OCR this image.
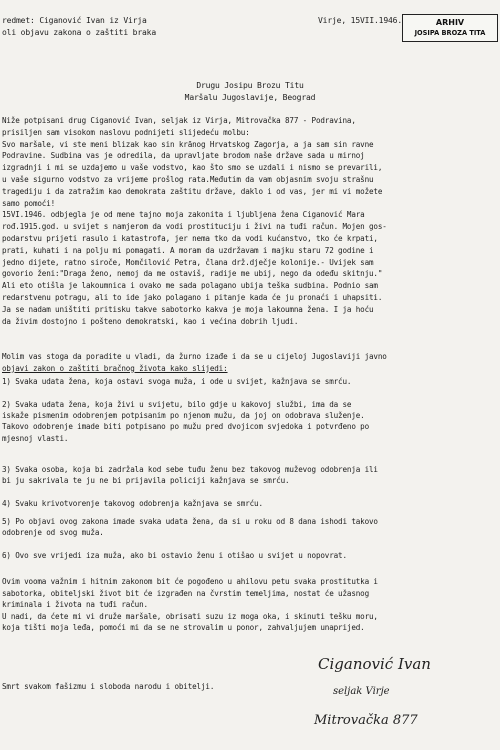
redmet: Ciganović Ivan iz Virja
oli objavu zakona o zaštiti braka
Virje, 15VII.1946.	ARHIV
JOSIPA BROZA TITA
Drugu Josipu Brozu Titu
Maršalu Jugoslavije, Beograd
Niže potpisani drug Ciganović Ivan, seljak iz Virja, Mitrovačka 877 - Podravina,
prisiljen sam visokom naslovu podnijeti slijedeću molbu:
Svo maršale, vi ste meni blizak kao sin krānog Hrvatskog Zagorja, a ja sam sin ravne
Podravine. Sudbina vas je odredila, da upravljate brodom naše države sada u mirnoj
izgradnji i mi se uzdajemo u vaše vodstvo, kao što smo se uzdali i nismo se prevarili,
u vaše sigurno vodstvo za vrijeme prošlog rata.Međutim da vam objasnim svoju strašnu
tragediju i da zatražim kao demokrata zaštitu države, daklo i od vas, jer mi vi možete
samo pomoći!
15VI.1946. odbjegla je od mene tajno moja zakonita i ljubljena žena Ciganović Mara
rođ.1915.god. u svijet s namjerom da vodi prostituciju i živi na tuđi račun. Mojen gos-
podarstvu prijeti rasulo i katastrofa, jer nema tko da vodi kućanstvo, tko će krpati,
prati, kuhati i na polju mi pomagati. A moram da uzdržavam i majku staru 72 godine i
jedno dijete, ratno siroče, Momčilović Petra, člana drž.dječje kolonije.- Uvijek sam
govorio ženi:"Draga ženo, nemoj da me ostaviš, radije me ubij, nego da odeđu skitnju."
Ali eto otišla je lakoumnica i ovako me sada polagano ubija teška sudbina. Podnio sam
redarstvenu potragu, ali to ide jako polagano i pitanje kada će ju pronaći i uhapsiti.
Ja se nadam uništiti pritisku takve sabotorko kakva je moja lakoumna žena. I ja hoću
da živim dostojno i pošteno demokratski, kao i većina dobrih ljudi.
Molim vas stoga da poradite u vladi, da žurno izađe i da se u cijeloj Jugoslaviji javno
objavi zakon o zaštiti bračnog života kako slijedi:
1) Svaka udata žena, koja ostavi svoga muža, i ode u svijet, kažnjava se smrću.
2) Svaka udata žena, koja živi u svijetu, bilo gdje u kakovoj službi, ima da se
iskaže pismenim odobrenjem potpisanim po njenom mužu, da joj on odobrava služenje.
Takovo odobrenje imade biti potpisano po mužu pred dvojicom svjedoka i potvrđeno po
mjesnoj vlasti.
3) Svaka osoba, koja bi zadržala kod sebe tuđu ženu bez takovog muževog odobrenja ili
bi ju sakrivala te ju ne bi prijavila policiji kažnjava se smrću.
4) Svaku krivotvorenje takovog odobrenja kažnjava se smrću.
5) Po objavi ovog zakona imade svaka udata žena, da si u roku od 8 dana ishodi takovo
odobrenje od svog muža.
6) Ovo sve vrijedi iza muža, ako bi ostavio ženu i otišao u svijet u nopovrat.
Ovim vooma važnim i hitnim zakonom bit će pogođeno u ahilovu petu svaka prostitutka i
sabotorka, obiteljski život bit će izgrađen na čvrstim temeljima, nostat će užasnog
kriminala i života na tuđi račun.
U nadi, da ćete mi vi druže maršale, obrisati suzu iz moga oka, i skinuti tešku moru,
koja tišti moja leđa, pomoći mi da se ne strovalim u ponor, zahvaljujem unaprijed.
Smrt svakom fašizmu i sloboda narodu i obitelji.
Ciganović Ivan
seljak Virje
Mitrovačka 877
